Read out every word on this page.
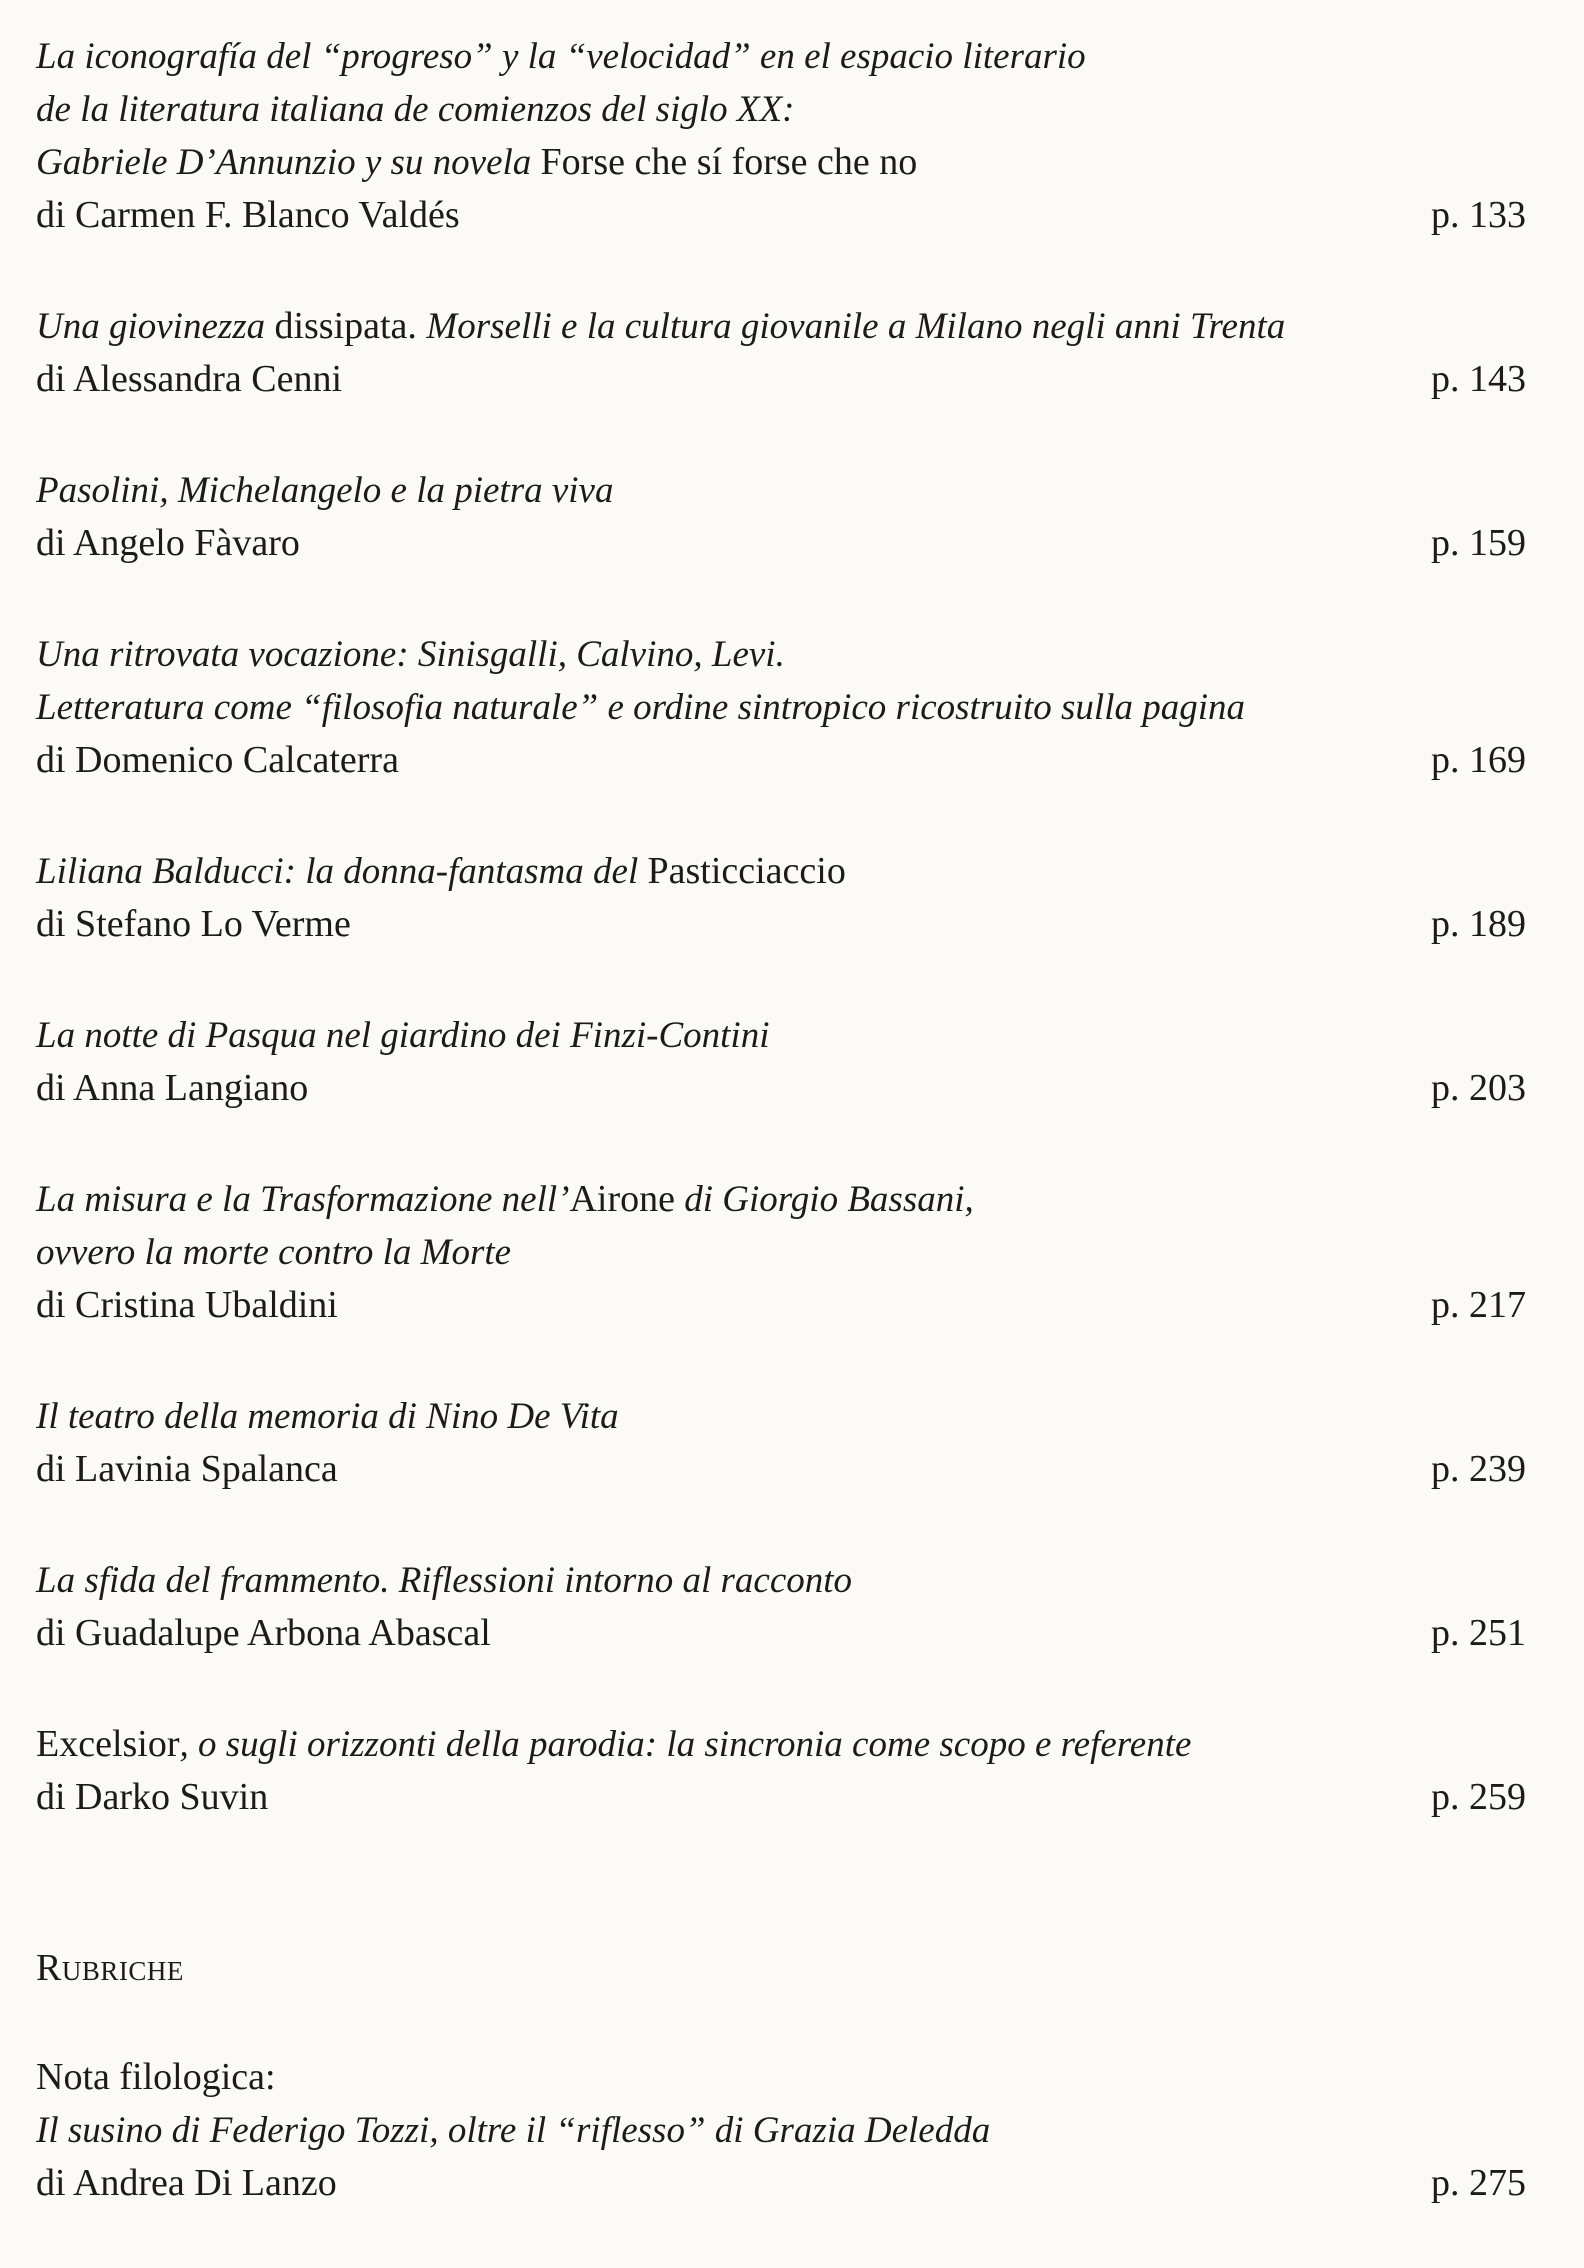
La iconografía del “progreso” y la “velocidad” en el espacio literario
de la literatura italiana de comienzos del siglo XX:
Gabriele D’Annunzio y su novela Forse che sí forse che no
di Carmen F. Blanco Valdés	p. 133
Una giovinezza dissipata. Morselli e la cultura giovanile a Milano negli anni Trenta
di Alessandra Cenni	p. 143
Pasolini, Michelangelo e la pietra viva
di Angelo Fàvaro	p. 159
Una ritrovata vocazione: Sinisgalli, Calvino, Levi.
Letteratura come “filosofia naturale” e ordine sintropico ricostruito sulla pagina
di Domenico Calcaterra	p. 169
Liliana Balducci: la donna-fantasma del Pasticciaccio
di Stefano Lo Verme	p. 189
La notte di Pasqua nel giardino dei Finzi-Contini
di Anna Langiano	p. 203
La misura e la Trasformazione nell’Airone di Giorgio Bassani,
ovvero la morte contro la Morte
di Cristina Ubaldini	p. 217
Il teatro della memoria di Nino De Vita
di Lavinia Spalanca	p. 239
La sfida del frammento. Riflessioni intorno al racconto
di Guadalupe Arbona Abascal	p. 251
Excelsior, o sugli orizzonti della parodia: la sincronia come scopo e referente
di Darko Suvin	p. 259
Rubriche
Nota filologica:
Il susino di Federigo Tozzi, oltre il “riflesso” di Grazia Deledda
di Andrea Di Lanzo	p. 275
